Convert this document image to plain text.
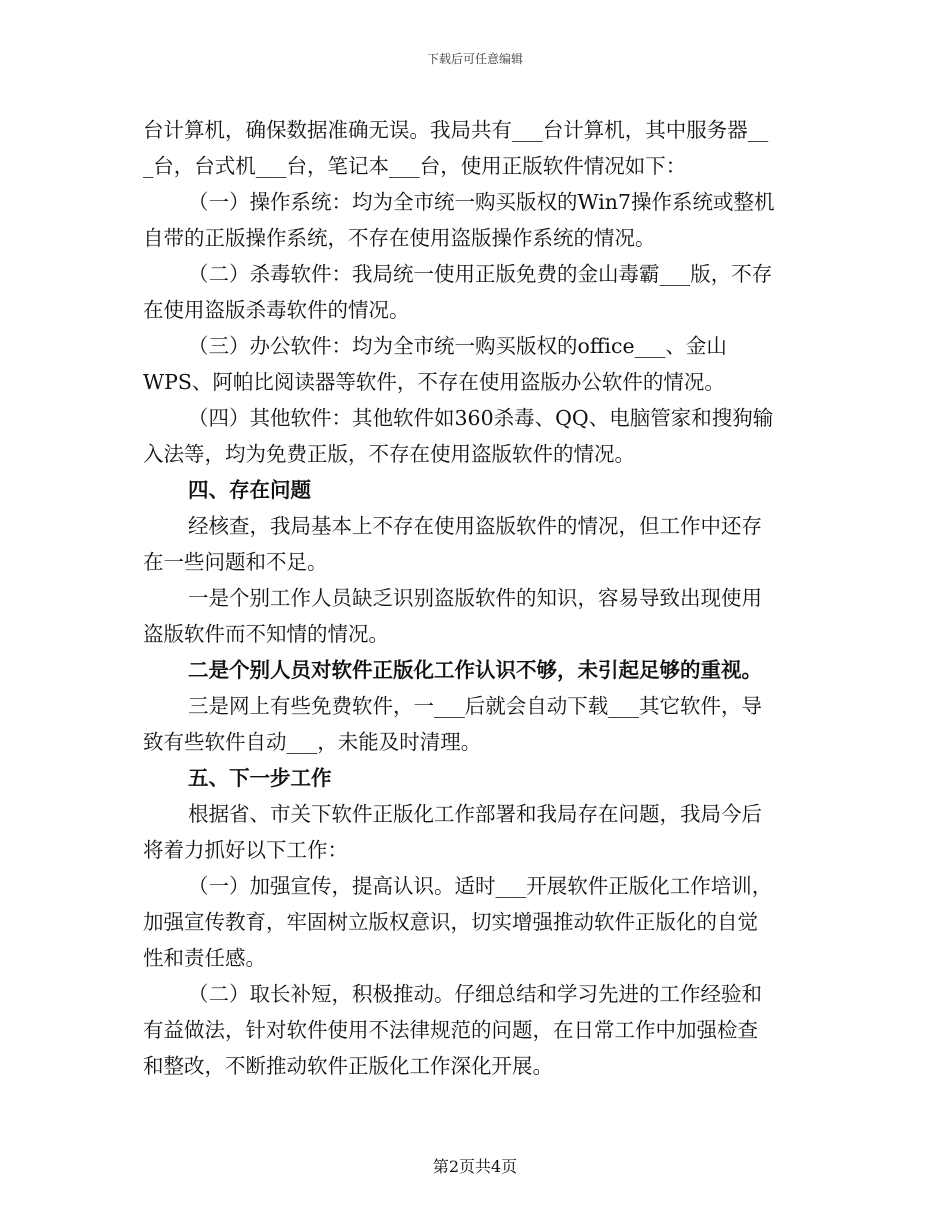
下载后可任意编辑
台计算机，确保数据准确无误。我局共有___台计算机，其中服务器__
_台，台式机___台，笔记本___台，使用正版软件情况如下：
（一）操作系统：均为全市统一购买版权的Win7操作系统或整机
自带的正版操作系统，不存在使用盗版操作系统的情况。
（二）杀毒软件：我局统一使用正版免费的金山毒霸___版，不存
在使用盗版杀毒软件的情况。
（三）办公软件：均为全市统一购买版权的office___、金山
WPS、阿帕比阅读器等软件，不存在使用盗版办公软件的情况。
（四）其他软件：其他软件如360杀毒、QQ、电脑管家和搜狗输
入法等，均为免费正版，不存在使用盗版软件的情况。
四、存在问题
经核查，我局基本上不存在使用盗版软件的情况，但工作中还存
在一些问题和不足。
一是个别工作人员缺乏识别盗版软件的知识，容易导致出现使用
盗版软件而不知情的情况。
二是个别人员对软件正版化工作认识不够，未引起足够的重视。
三是网上有些免费软件，一___后就会自动下载___其它软件，导
致有些软件自动___，未能及时清理。
五、下一步工作
根据省、市关下软件正版化工作部署和我局存在问题，我局今后
将着力抓好以下工作：
（一）加强宣传，提高认识。适时___开展软件正版化工作培训，
加强宣传教育，牢固树立版权意识，切实增强推动软件正版化的自觉
性和责任感。
（二）取长补短，积极推动。仔细总结和学习先进的工作经验和
有益做法，针对软件使用不法律规范的问题，在日常工作中加强检查
和整改，不断推动软件正版化工作深化开展。
第2页共4页
